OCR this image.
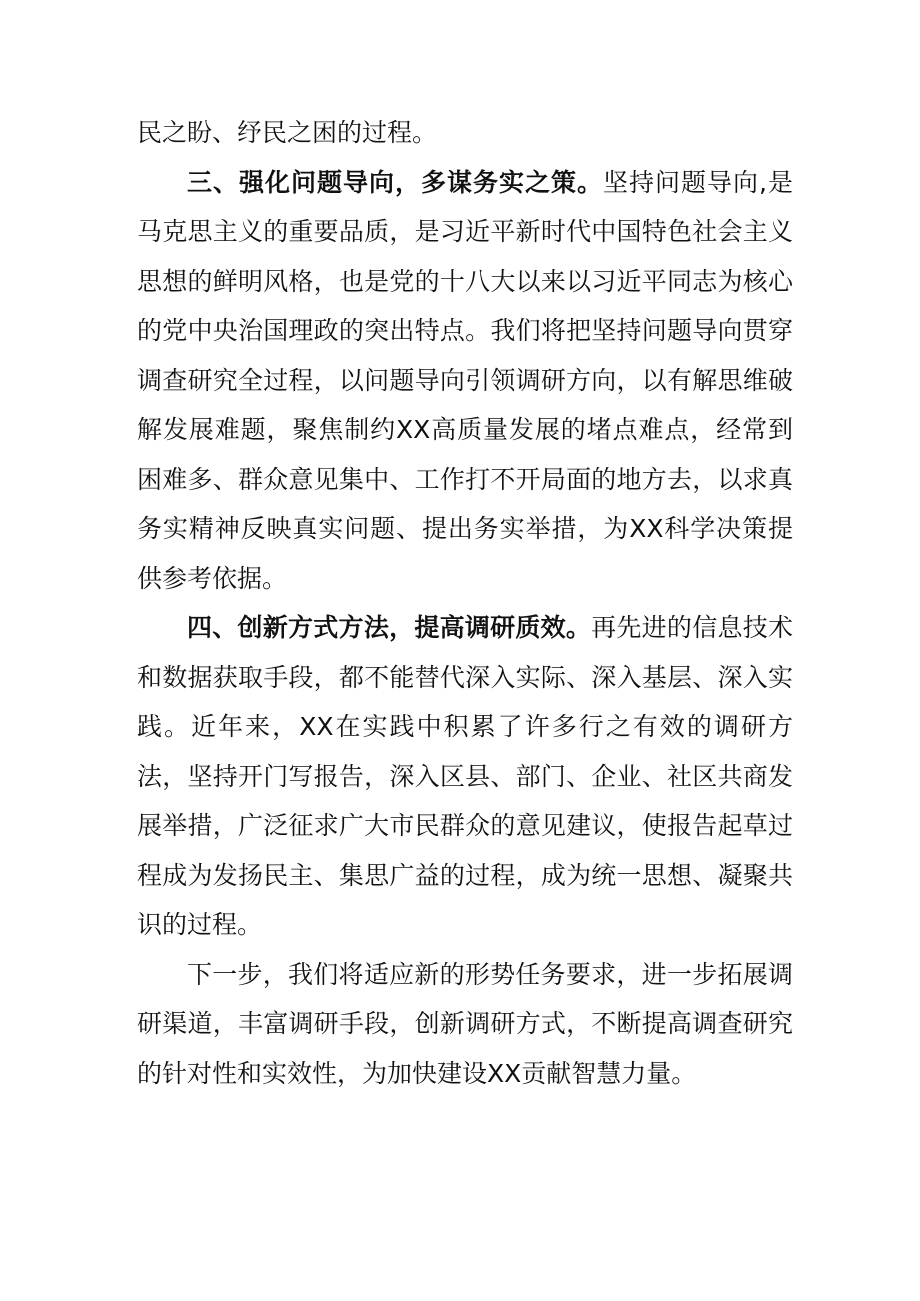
民之盼、纾民之困的过程。

三、强化问题导向，多谋务实之策。坚持问题导向,是马克思主义的重要品质，是习近平新时代中国特色社会主义思想的鲜明风格，也是党的十八大以来以习近平同志为核心的党中央治国理政的突出特点。我们将把坚持问题导向贯穿调查研究全过程，以问题导向引领调研方向，以有解思维破解发展难题，聚焦制约XX高质量发展的堵点难点，经常到困难多、群众意见集中、工作打不开局面的地方去，以求真务实精神反映真实问题、提出务实举措，为XX科学决策提供参考依据。

四、创新方式方法，提高调研质效。再先进的信息技术和数据获取手段，都不能替代深入实际、深入基层、深入实践。近年来，XX在实践中积累了许多行之有效的调研方法，坚持开门写报告，深入区县、部门、企业、社区共商发展举措，广泛征求广大市民群众的意见建议，使报告起草过程成为发扬民主、集思广益的过程，成为统一思想、凝聚共识的过程。

下一步，我们将适应新的形势任务要求，进一步拓展调研渠道，丰富调研手段，创新调研方式，不断提高调查研究的针对性和实效性，为加快建设XX贡献智慧力量。
